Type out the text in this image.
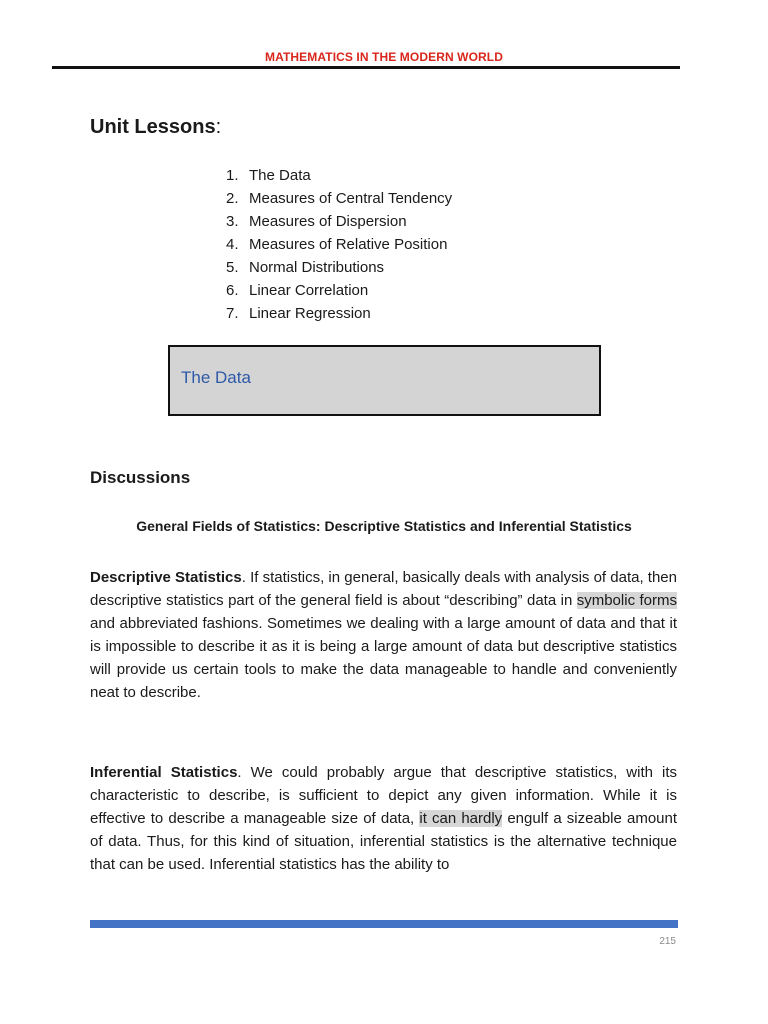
MATHEMATICS IN THE MODERN WORLD
Unit Lessons:
1. The Data
2. Measures of Central Tendency
3. Measures of Dispersion
4. Measures of Relative Position
5. Normal Distributions
6. Linear Correlation
7. Linear Regression
The Data
Discussions
General Fields of Statistics: Descriptive Statistics and Inferential Statistics

Descriptive Statistics. If statistics, in general, basically deals with analysis of data, then descriptive statistics part of the general field is about “describing” data in symbolic forms and abbreviated fashions. Sometimes we dealing with a large amount of data and that it is impossible to describe it as it is being a large amount of data but descriptive statistics will provide us certain tools to make the data manageable to handle and conveniently neat to describe.

Inferential Statistics. We could probably argue that descriptive statistics, with its characteristic to describe, is sufficient to depict any given information. While it is effective to describe a manageable size of data, it can hardly engulf a sizeable amount of data. Thus, for this kind of situation, inferential statistics is the alternative technique that can be used. Inferential statistics has the ability to

215
